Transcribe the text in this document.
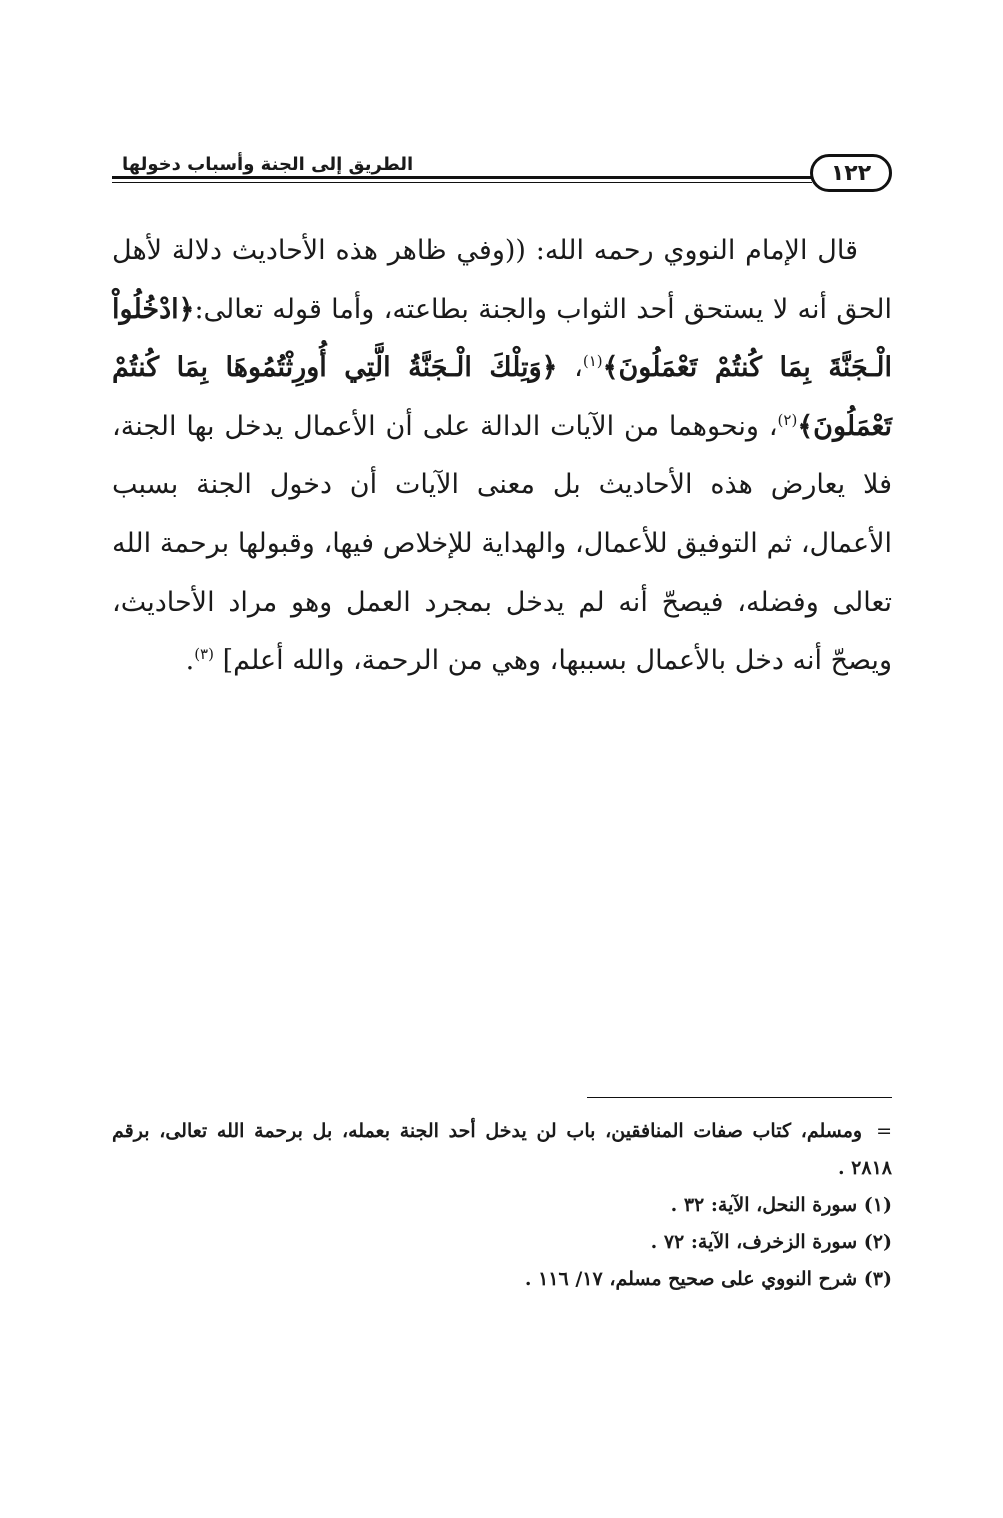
١٢٢
الطريق إلى الجنة وأسباب دخولها

قال الإمام النووي رحمه الله: ((وفي ظاهر هذه الأحاديث دلالة لأهل الحق أنه لا يستحق أحد الثواب والجنة بطاعته، وأما قوله تعالى:﴿ادْخُلُواْ الْـجَنَّةَ بِمَا كُنتُمْ تَعْمَلُونَ﴾$^{(١)}$، ﴿وَتِلْكَ الْـجَنَّةُ الَّتِي أُورِثْتُمُوهَا بِمَا كُنتُمْ تَعْمَلُونَ﴾$^{(٢)}$، ونحوهما من الآيات الدالة على أن الأعمال يدخل بها الجنة، فلا يعارض هذه الأحاديث بل معنى الآيات أن دخول الجنة بسبب الأعمال، ثم التوفيق للأعمال، والهداية للإخلاص فيها، وقبولها برحمة الله تعالى وفضله، فيصحّ أنه لم يدخل بمجرد العمل وهو مراد الأحاديث، ويصحّ أنه دخل بالأعمال بسببها، وهي من الرحمة، والله أعلم] $^{(٣)}$.

=ومسلم، كتاب صفات المنافقين، باب لن يدخل أحد الجنة بعمله، بل برحمة الله تعالى، برقم ٢٨١٨ .

(١) سورة النحل، الآية: ٣٢ .

(٢) سورة الزخرف، الآية: ٧٢ .

(٣) شرح النووي على صحيح مسلم، ١٧/ ١١٦ .
